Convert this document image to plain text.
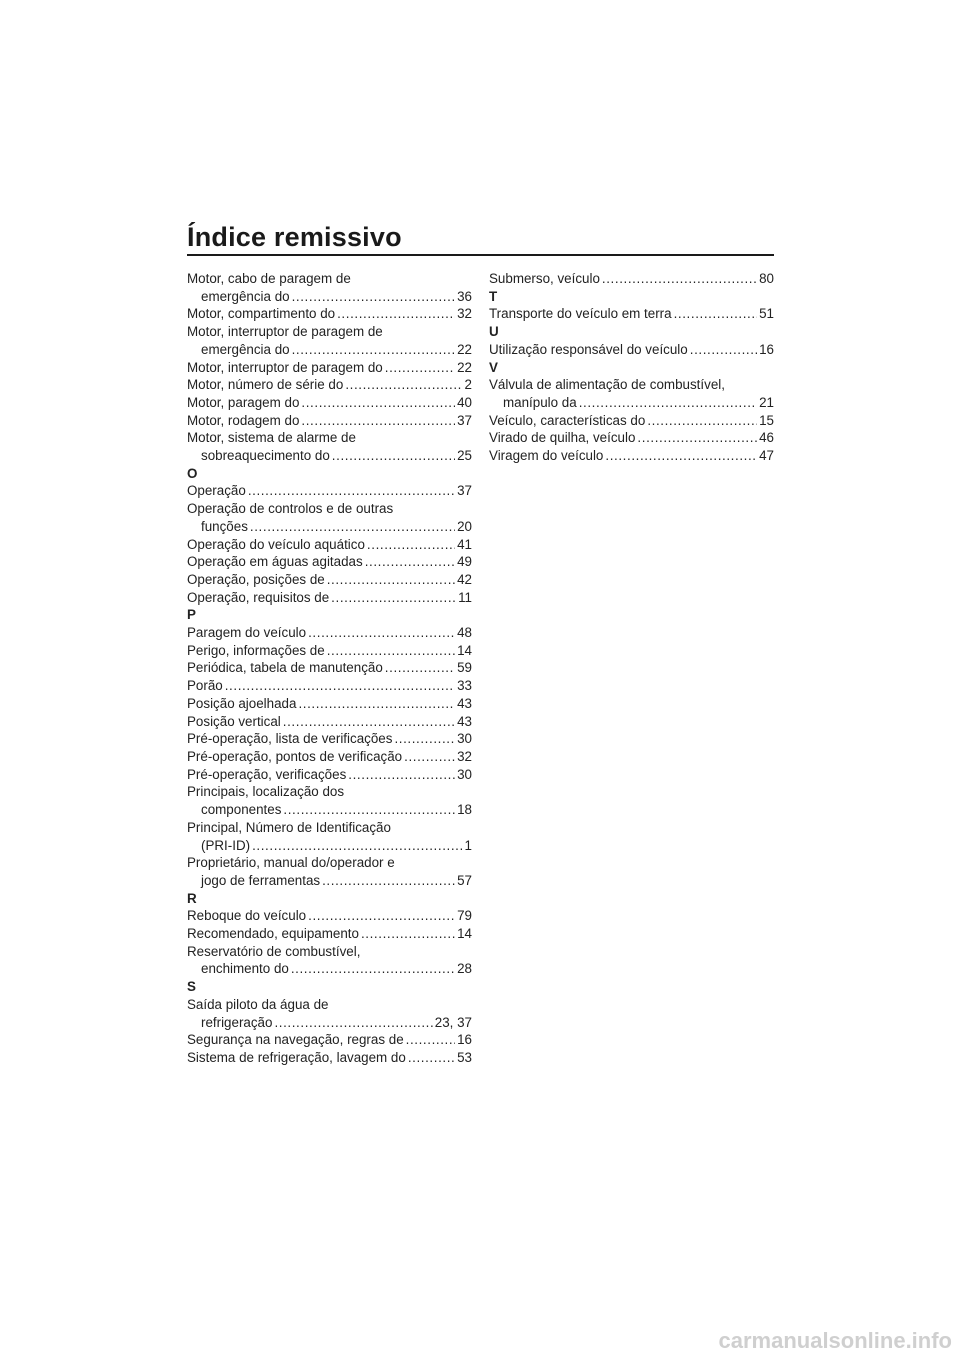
Índice remissivo
Motor, cabo de paragem de
emergência do .....	36
Motor, compartimento do .....	32
Motor, interruptor de paragem de
emergência do .....	22
Motor, interruptor de paragem do .....	22
Motor, número de série do .....	2
Motor, paragem do .....	40
Motor, rodagem do .....	37
Motor, sistema de alarme de
sobreaquecimento do .....	25
O
Operação .....	37
Operação de controlos e de outras
funções .....	20
Operação do veículo aquático .....	41
Operação em águas agitadas .....	49
Operação, posições de .....	42
Operação, requisitos de .....	11
P
Paragem do veículo .....	48
Perigo, informações de .....	14
Periódica, tabela de manutenção .....	59
Porão .....	33
Posição ajoelhada .....	43
Posição vertical .....	43
Pré-operação, lista de verificações .....	30
Pré-operação, pontos de verificação .....	32
Pré-operação, verificações .....	30
Principais, localização dos
componentes .....	18
Principal, Número de Identificação
(PRI-ID) .....	1
Proprietário, manual do/operador e
jogo de ferramentas .....	57
R
Reboque do veículo .....	79
Recomendado, equipamento .....	14
Reservatório de combustível,
enchimento do .....	28
S
Saída piloto da água de
refrigeração .....	23, 37
Segurança na navegação, regras de .....	16
Sistema de refrigeração, lavagem do .....	53
Submerso, veículo .....	80
T
Transporte do veículo em terra .....	51
U
Utilização responsável do veículo .....	16
V
Válvula de alimentação de combustível,
manípulo da .....	21
Veículo, características do .....	15
Virado de quilha, veículo .....	46
Viragem do veículo .....	47
carmanualsonline.info
